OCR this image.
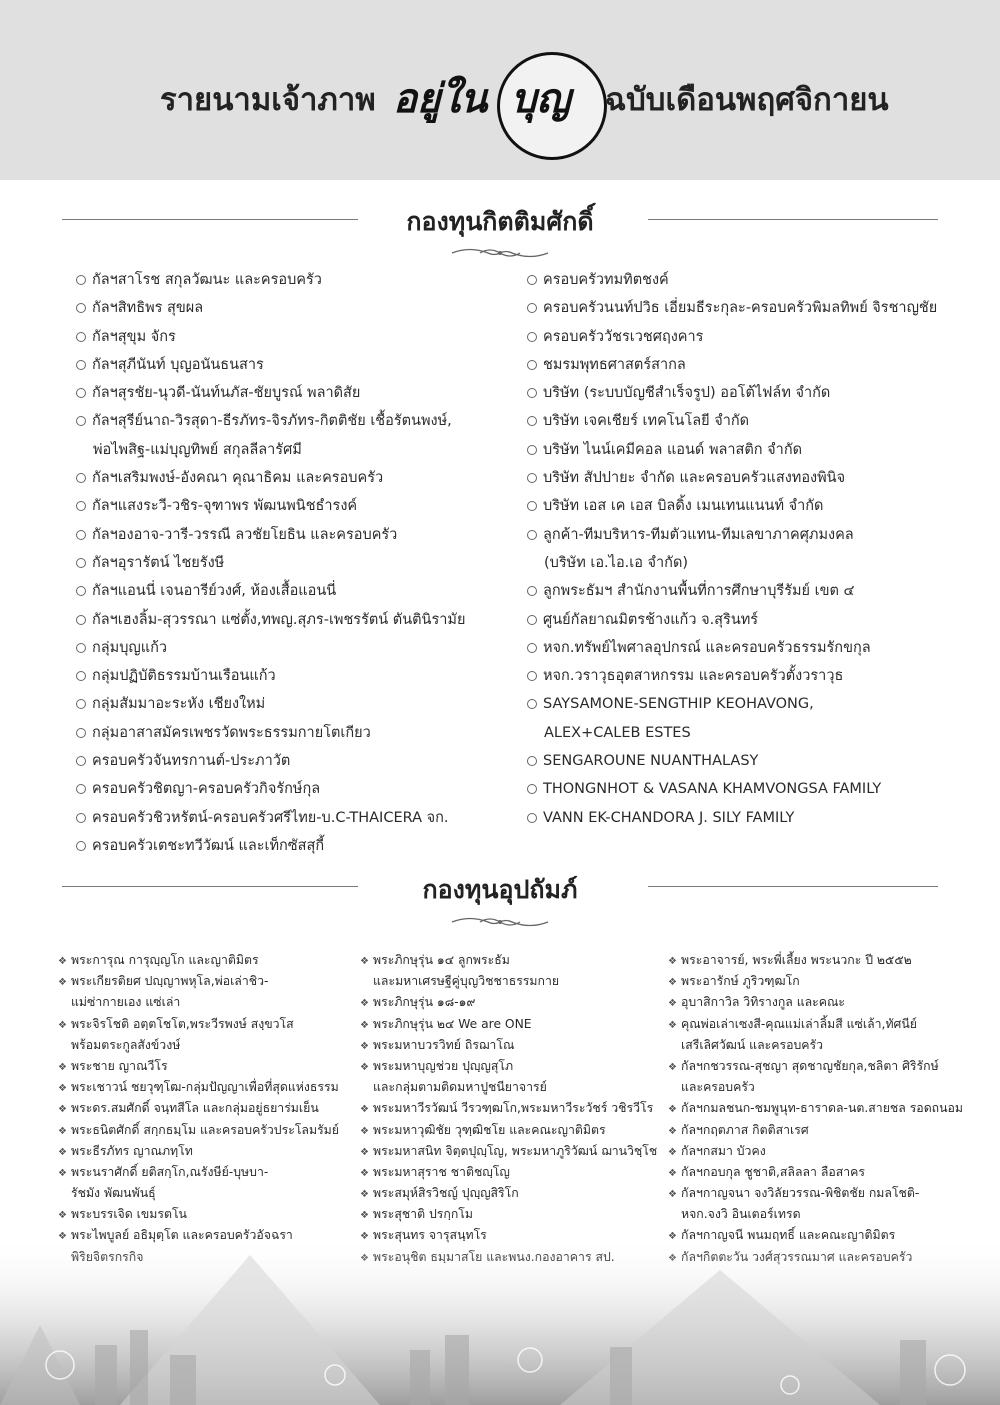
รายนามเจ้าภาพ อยู่ใน บุญ ฉบับเดือนพฤศจิกายน
กองทุนกิตติมศักดิ์
กัลฯสาโรช สกุลวัฒนะ และครอบครัว
กัลฯสิทธิพร สุขผล
กัลฯสุขุม จักร
กัลฯสุภีนันท์ บุญอนันธนสาร
กัลฯสุรชัย-นุวดี-นันท์นภัส-ชัยบูรณ์ พลาดิสัย
กัลฯสุรีย์นาถ-วิรสุดา-ธีรภัทร-จิรภัทร-กิตติชัย เชื้อรัตนพงษ์,
พ่อไพสิฐ-แม่บุญทิพย์ สกุลลีลารัศมี
กัลฯเสริมพงษ์-อังคณา คุณาธิคม และครอบครัว
กัลฯแสงระวี-วชิร-จุฑาพร พัฒนพนิชธำรงค์
กัลฯองอาจ-วารี-วรรณี ลวชัยโยธิน และครอบครัว
กัลฯอุรารัตน์ ไชยรังษี
กัลฯแอนนี่ เจนอารีย์วงศ์, ห้องเสื้อแอนนี่
กัลฯเฮงลิ้ม-สุวรรณา แซ่ตั้ง,ทพญ.สุภร-เพชรรัตน์ ตันตินิรามัย
กลุ่มบุญแก้ว
กลุ่มปฏิบัติธรรมบ้านเรือนแก้ว
กลุ่มสัมมาอะระหัง เชียงใหม่
กลุ่มอาสาสมัครเพชรวัดพระธรรมกายโตเกียว
ครอบครัวจันทรกานต์-ประภาวัต
ครอบครัวชิตญา-ครอบครัวกิจรักษ์กุล
ครอบครัวชิวหรัตน์-ครอบครัวศรีไทย-บ.C-THAICERA จก.
ครอบครัวเตชะทวีวัฒน์ และเท็กซัสสุกี้
ครอบครัวทมทิตชงค์
ครอบครัวนนท์ปวิธ เอี่ยมธีระกุละ-ครอบครัวพิมลทิพย์ จิรชาญชัย
ครอบครัววัชรเวชศฤงคาร
ชมรมพุทธศาสตร์สากล
บริษัท (ระบบบัญชีสำเร็จรูป) ออโต้ไฟล์ท จำกัด
บริษัท เจคเชียร์ เทคโนโลยี จำกัด
บริษัท ไนน์เคมีคอล แอนด์ พลาสติก จำกัด
บริษัท สัปปายะ จำกัด และครอบครัวแสงทองพินิจ
บริษัท เอส เค เอส บิลดิ้ง เมนเทนแนนท์ จำกัด
ลูกค้า-ทีมบริหาร-ทีมตัวแทน-ทีมเลขาภาคศุภมงคล
(บริษัท เอ.ไอ.เอ จำกัด)
ลูกพระธัมฯ สำนักงานพื้นที่การศึกษาบุรีรัมย์ เขต ๔
ศูนย์กัลยาณมิตรช้างแก้ว จ.สุรินทร์
หจก.ทรัพย์ไพศาลอุปกรณ์ และครอบครัวธรรมรักขกุล
หจก.วราวุธอุตสาหกรรม และครอบครัวตั้งวราวุธ
SAYSAMONE-SENGTHIP KEOHAVONG,
ALEX+CALEB ESTES
SENGAROUNE NUANTHALASY
THONGNHOT & VASANA KHAMVONGSA FAMILY
VANN EK-CHANDORA J. SILY FAMILY
กองทุนอุปถัมภ์
❖ พระการุณ การุญฺญโก และญาติมิตร
❖ พระเกียรติยศ ปญฺญาพหุโล,พ่อเล่าชิว-
แม่ซ่ากายเอง แซ่เล่า
❖ พระจิรโชติ อตฺตโชโต,พระวีรพงษ์ สงฺขวโส
พร้อมตระกูลสังข์วงษ์
❖ พระชาย ญาณวีโร
❖ พระเชาวน์ ชยวุฑฺโฒ-กลุ่มปัญญาเพื่อที่สุดแห่งธรรม
❖ พระดร.สมศักดิ์ จนฺทสีโล และกลุ่มอยู่ธยาร่มเย็น
❖ พระธนิตศักดิ์ สกฺกธมฺโม และครอบครัวประโลมรัมย์
❖ พระธีรภัทร ญาณภทฺโท
❖ พระนราศักดิ์ ยติสกฺโก,ณรังษีย์-บุษบา-
รัชมัง พัฒนพันธุ์
❖ พระบรรเจิด เขมรตโน
❖ พระภิกษุรุ่น ๑๔ ลูกพระธัม
และมหาเศรษฐีคู่บุญวิชชาธรรมกาย
❖ พระภิกษุรุ่น ๑๘-๑๙
❖ พระภิกษุรุ่น ๒๔ We are ONE
❖ พระมหาบวรวิทย์ ถิรฌาโณ
❖ พระมหาบุญช่วย ปุญฺญสุโภ
และกลุ่มตามติดมหาปูชนียาจารย์
❖ พระมหาวีรวัฒน์ วีรวฑฺฒโก,พระมหาวีระวัชร์ วชิรวีโร
❖ พระมหาวุฒิชัย วุฑฺฒิชโย และคณะญาติมิตร
❖ พระมหาสนิท จิตฺตปุญฺโญ, พระมหาภูริวัฒน์ ฌานวิชฺโช
❖ พระมหาสุราช ชาติชญฺโญ
❖ พระสมุห์สิรวิชญ์ ปุญฺญสิริโก
❖ พระสุชาติ ปรกฺกโม
❖ พระอาจารย์, พระพี่เลี้ยง พระนวกะ ปี ๒๕๕๒
❖ พระอารักษ์ ภูริวฑฺฒโก
❖ อุบาสิกาวิล วิทิรางกูล และคณะ
❖ คุณพ่อเล่าเซงสี-คุณแม่เล่าลิ้มสี แซ่เล้า,ทัศนีย์
เสรีเลิศวัฒน์ และครอบครัว
❖ กัลฯกชวรรณ-สุชญา สุดชาญชัยกุล,ชลิตา ศิริรักษ์
และครอบครัว
❖ กัลฯกมลชนก-ชมพูนุท-ธาราดล-นต.สายชล รอดถนอม
❖ กัลฯกฤตภาส กิตติสาเรศ
❖ กัลฯกสมา บัวคง
❖ กัลฯกอบกุล ชูชาติ,สลิลลา ลือสาคร
❖ กัลฯกาญจนา จงวิลัยวรรณ-พิชิตชัย กมลโชติ-
หจก.จงวิ อินเตอร์เทรด
